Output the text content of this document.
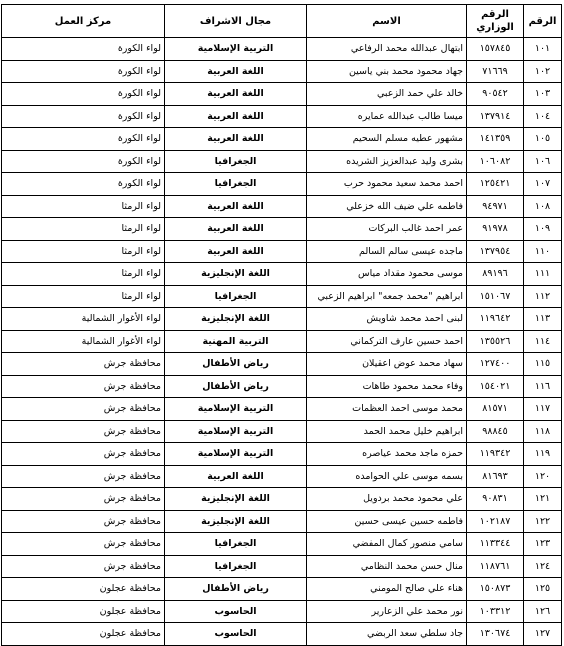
الرقم	الرقم الوزاري	الاسم	مجال الاشراف	مركز العمل
١٠١	١٥٧٨٤٥	ابتهال عبدالله محمد الرفاعي	التربية الإسلامية	لواء الكورة
١٠٢	٧١٦٦٩	جهاد محمود محمد بني ياسين	اللغة العربية	لواء الكورة
١٠٣	٩٠٥٤٢	خالد علي حمد الزعبي	اللغة العربية	لواء الكورة
١٠٤	١٣٧٩١٤	ميسا طالب عبدالله عمايره	اللغة العربية	لواء الكورة
١٠٥	١٤١٣٥٩	مشهور عطيه مسلم السحيم	اللغة العربية	لواء الكورة
١٠٦	١٠٦٠٨٢	بشرى وليد عبدالعزيز الشريده	الجغرافيا	لواء الكورة
١٠٧	١٢٥٤٢١	احمد محمد سعيد محمود حرب	الجغرافيا	لواء الكورة
١٠٨	٩٤٩٧١	فاطمه علي ضيف الله خزعلي	اللغة العربية	لواء الرمثا
١٠٩	٩١٩٧٨	عمر احمد غالب البركات	اللغة العربية	لواء الرمثا
١١٠	١٣٧٩٥٤	ماجده عيسى سالم السالم	اللغة العربية	لواء الرمثا
١١١	٨٩١٩٦	موسى محمود مقداد مياس	اللغة الإنجليزية	لواء الرمثا
١١٢	١٥١٠٦٧	ابراهيم "محمد جمعه" ابراهيم الزعبي	الجغرافيا	لواء الرمثا
١١٣	١١٩٦٤٢	لبنى احمد محمد شاويش	اللغة الإنجليزية	لواء الأغوار الشمالية
١١٤	١٣٥٥٢٦	احمد حسين عارف التركماني	التربية المهنية	لواء الأغوار الشمالية
١١٥	١٢٧٤٠٠	سهاد محمد عوض اعقيلان	رياض الأطفال	محافظة جرش
١١٦	١٥٤٠٢١	وفاء محمد محمود طاهات	رياض الأطفال	محافظة جرش
١١٧	٨١٥٧١	محمد موسى احمد العظمات	التربية الإسلامية	محافظة جرش
١١٨	٩٨٨٤٥	ابراهيم خليل محمد الحمد	التربية الإسلامية	محافظة جرش
١١٩	١١٩٣٤٢	حمزه ماجد محمد عياصره	التربية الإسلامية	محافظة جرش
١٢٠	٨١٦٩٣	بسمه موسى علي الحوامده	اللغة العربية	محافظة جرش
١٢١	٩٠٨٣١	علي محمود محمد بردويل	اللغة الإنجليزية	محافظة جرش
١٢٢	١٠٢١٨٧	فاطمه حسين عيسى حسين	اللغة الإنجليزية	محافظة جرش
١٢٣	١١٣٣٤٤	سامي منصور كمال المفضي	الجغرافيا	محافظة جرش
١٢٤	١١٨٧٦١	منال حسن محمد النظامي	الجغرافيا	محافظة جرش
١٢٥	١٥٠٨٧٣	هناء علي صالح المومني	رياض الأطفال	محافظة عجلون
١٢٦	١٠٣٣١٢	نور محمد علي الزعارير	الحاسوب	محافظة عجلون
١٢٧	١٣٠٦٧٤	جاد سلطي سعد الربضي	الحاسوب	محافظة عجلون
